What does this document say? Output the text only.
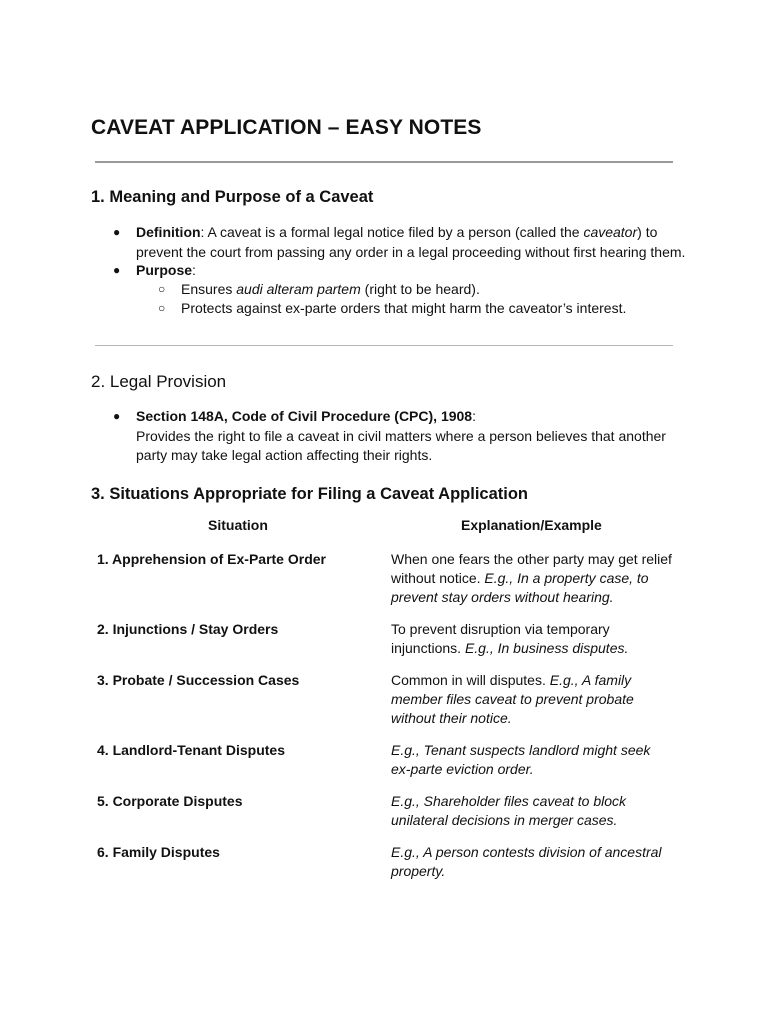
CAVEAT APPLICATION – EASY NOTES
1. Meaning and Purpose of a Caveat
● Definition: A caveat is a formal legal notice filed by a person (called the caveator) to prevent the court from passing any order in a legal proceeding without first hearing them.
● Purpose:
○ Ensures audi alteram partem (right to be heard).
○ Protects against ex-parte orders that might harm the caveator’s interest.
2. Legal Provision
● Section 148A, Code of Civil Procedure (CPC), 1908:
Provides the right to file a caveat in civil matters where a person believes that another party may take legal action affecting their rights.
3. Situations Appropriate for Filing a Caveat Application
Situation	Explanation/Example
1. Apprehension of Ex-Parte Order	When one fears the other party may get relief without notice. E.g., In a property case, to prevent stay orders without hearing.
2. Injunctions / Stay Orders	To prevent disruption via temporary injunctions. E.g., In business disputes.
3. Probate / Succession Cases	Common in will disputes. E.g., A family member files caveat to prevent probate without their notice.
4. Landlord-Tenant Disputes	E.g., Tenant suspects landlord might seek ex-parte eviction order.
5. Corporate Disputes	E.g., Shareholder files caveat to block unilateral decisions in merger cases.
6. Family Disputes	E.g., A person contests division of ancestral property.
